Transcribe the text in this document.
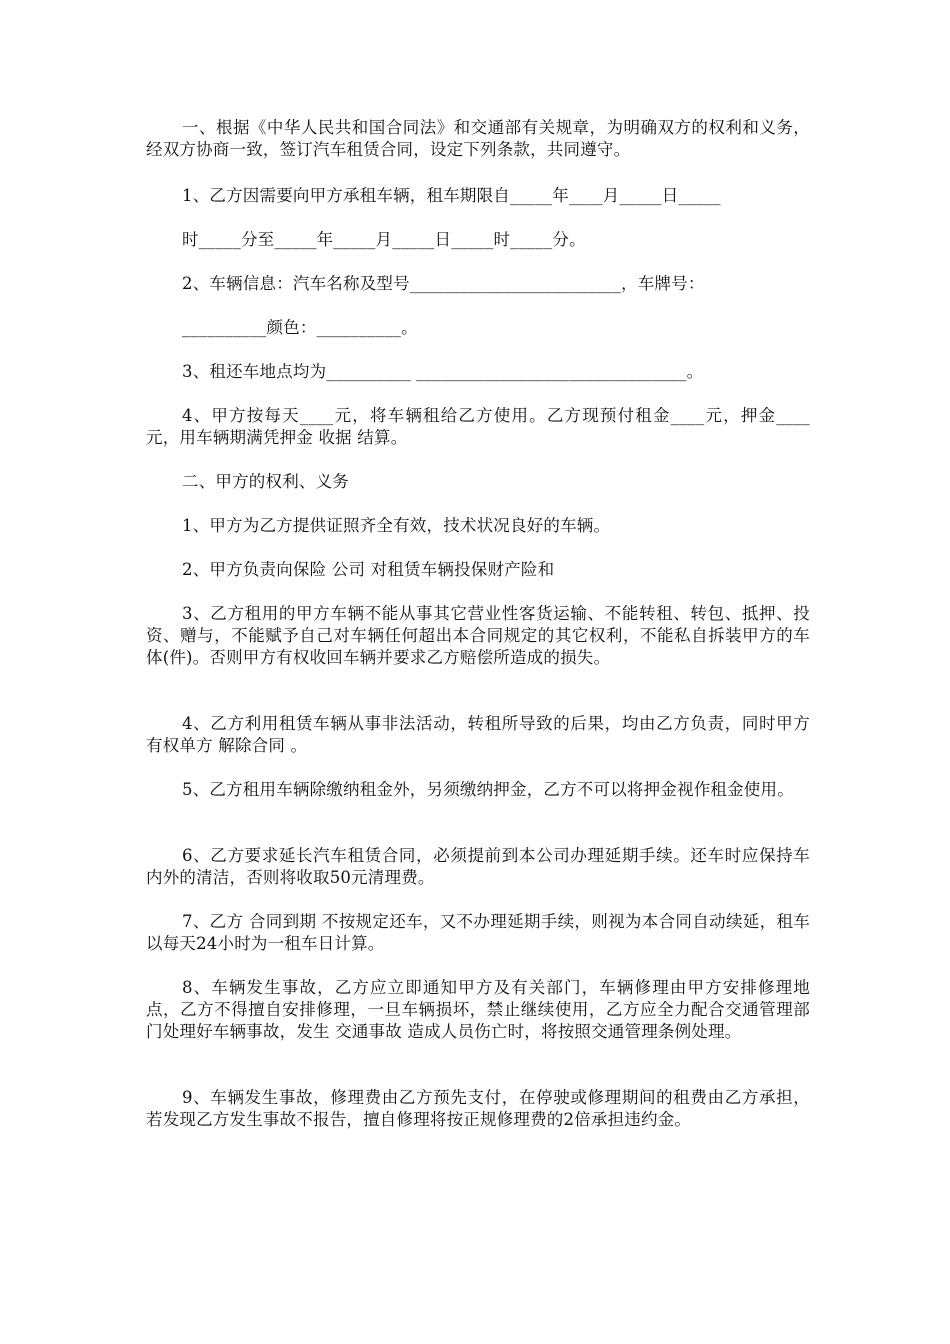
一、根据《中华人民共和国合同法》和交通部有关规章，为明确双方的权利和义务，经双方协商一致，签订汽车租赁合同，设定下列条款，共同遵守。

1、乙方因需要向甲方承租车辆，租车期限自_____年____月_____日_____

时_____分至_____年_____月_____日_____时_____分。

2、车辆信息：汽车名称及型号_________________________，车牌号：

__________颜色：__________。

3、租还车地点均为__________ ________________________________。

4、甲方按每天____元，将车辆租给乙方使用。乙方现预付租金____元，押金____元，用车辆期满凭押金 收据 结算。

二、甲方的权利、义务

1、甲方为乙方提供证照齐全有效，技术状况良好的车辆。

2、甲方负责向保险 公司 对租赁车辆投保财产险和

3、乙方租用的甲方车辆不能从事其它营业性客货运输、不能转租、转包、抵押、投资、赠与，不能赋予自己对车辆任何超出本合同规定的其它权利，不能私自拆装甲方的车体(件)。否则甲方有权收回车辆并要求乙方赔偿所造成的损失。

4、乙方利用租赁车辆从事非法活动，转租所导致的后果，均由乙方负责，同时甲方有权单方 解除合同 。

5、乙方租用车辆除缴纳租金外，另须缴纳押金，乙方不可以将押金视作租金使用。

6、乙方要求延长汽车租赁合同，必须提前到本公司办理延期手续。还车时应保持车内外的清洁，否则将收取50元清理费。

7、乙方 合同到期 不按规定还车，又不办理延期手续，则视为本合同自动续延，租车以每天24小时为一租车日计算。

8、车辆发生事故，乙方应立即通知甲方及有关部门，车辆修理由甲方安排修理地点，乙方不得擅自安排修理，一旦车辆损坏，禁止继续使用，乙方应全力配合交通管理部门处理好车辆事故，发生 交通事故 造成人员伤亡时，将按照交通管理条例处理。

9、车辆发生事故，修理费由乙方预先支付，在停驶或修理期间的租费由乙方承担，若发现乙方发生事故不报告，擅自修理将按正规修理费的2倍承担违约金。
